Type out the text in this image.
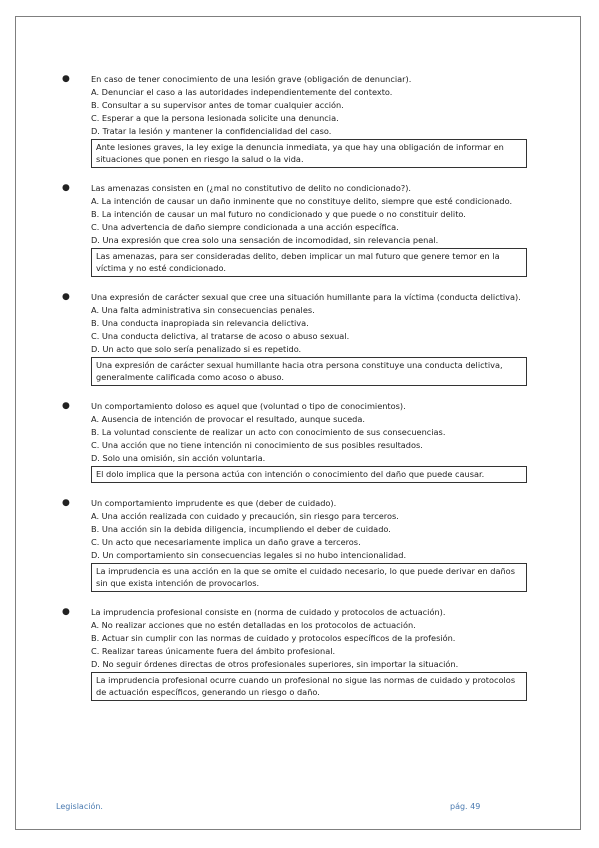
●	En caso de tener conocimiento de una lesión grave (obligación de denunciar).
A. Denunciar el caso a las autoridades independientemente del contexto.
B. Consultar a su supervisor antes de tomar cualquier acción.
C. Esperar a que la persona lesionada solicite una denuncia.
D. Tratar la lesión y mantener la confidencialidad del caso.
Ante lesiones graves, la ley exige la denuncia inmediata, ya que hay una obligación de informar en situaciones que ponen en riesgo la salud o la vida.
●	Las amenazas consisten en (¿mal no constitutivo de delito no condicionado?).
A. La intención de causar un daño inminente que no constituye delito, siempre que esté condicionado.
B. La intención de causar un mal futuro no condicionado y que puede o no constituir delito.
C. Una advertencia de daño siempre condicionada a una acción específica.
D. Una expresión que crea solo una sensación de incomodidad, sin relevancia penal.
Las amenazas, para ser consideradas delito, deben implicar un mal futuro que genere temor en la víctima y no esté condicionado.
●	Una expresión de carácter sexual que cree una situación humillante para la víctima (conducta delictiva).
A. Una falta administrativa sin consecuencias penales.
B. Una conducta inapropiada sin relevancia delictiva.
C. Una conducta delictiva, al tratarse de acoso o abuso sexual.
D. Un acto que solo sería penalizado si es repetido.
Una expresión de carácter sexual humillante hacia otra persona constituye una conducta delictiva, generalmente calificada como acoso o abuso.
●	Un comportamiento doloso es aquel que (voluntad o tipo de conocimientos).
A. Ausencia de intención de provocar el resultado, aunque suceda.
B. La voluntad consciente de realizar un acto con conocimiento de sus consecuencias.
C. Una acción que no tiene intención ni conocimiento de sus posibles resultados.
D. Solo una omisión, sin acción voluntaria.
El dolo implica que la persona actúa con intención o conocimiento del daño que puede causar.
●	Un comportamiento imprudente es que (deber de cuidado).
A. Una acción realizada con cuidado y precaución, sin riesgo para terceros.
B. Una acción sin la debida diligencia, incumpliendo el deber de cuidado.
C. Un acto que necesariamente implica un daño grave a terceros.
D. Un comportamiento sin consecuencias legales si no hubo intencionalidad.
La imprudencia es una acción en la que se omite el cuidado necesario, lo que puede derivar en daños sin que exista intención de provocarlos.
●	La imprudencia profesional consiste en (norma de cuidado y protocolos de actuación).
A. No realizar acciones que no estén detalladas en los protocolos de actuación.
B. Actuar sin cumplir con las normas de cuidado y protocolos específicos de la profesión.
C. Realizar tareas únicamente fuera del ámbito profesional.
D. No seguir órdenes directas de otros profesionales superiores, sin importar la situación.
La imprudencia profesional ocurre cuando un profesional no sigue las normas de cuidado y protocolos de actuación específicos, generando un riesgo o daño.
Legislación.	pág. 49
